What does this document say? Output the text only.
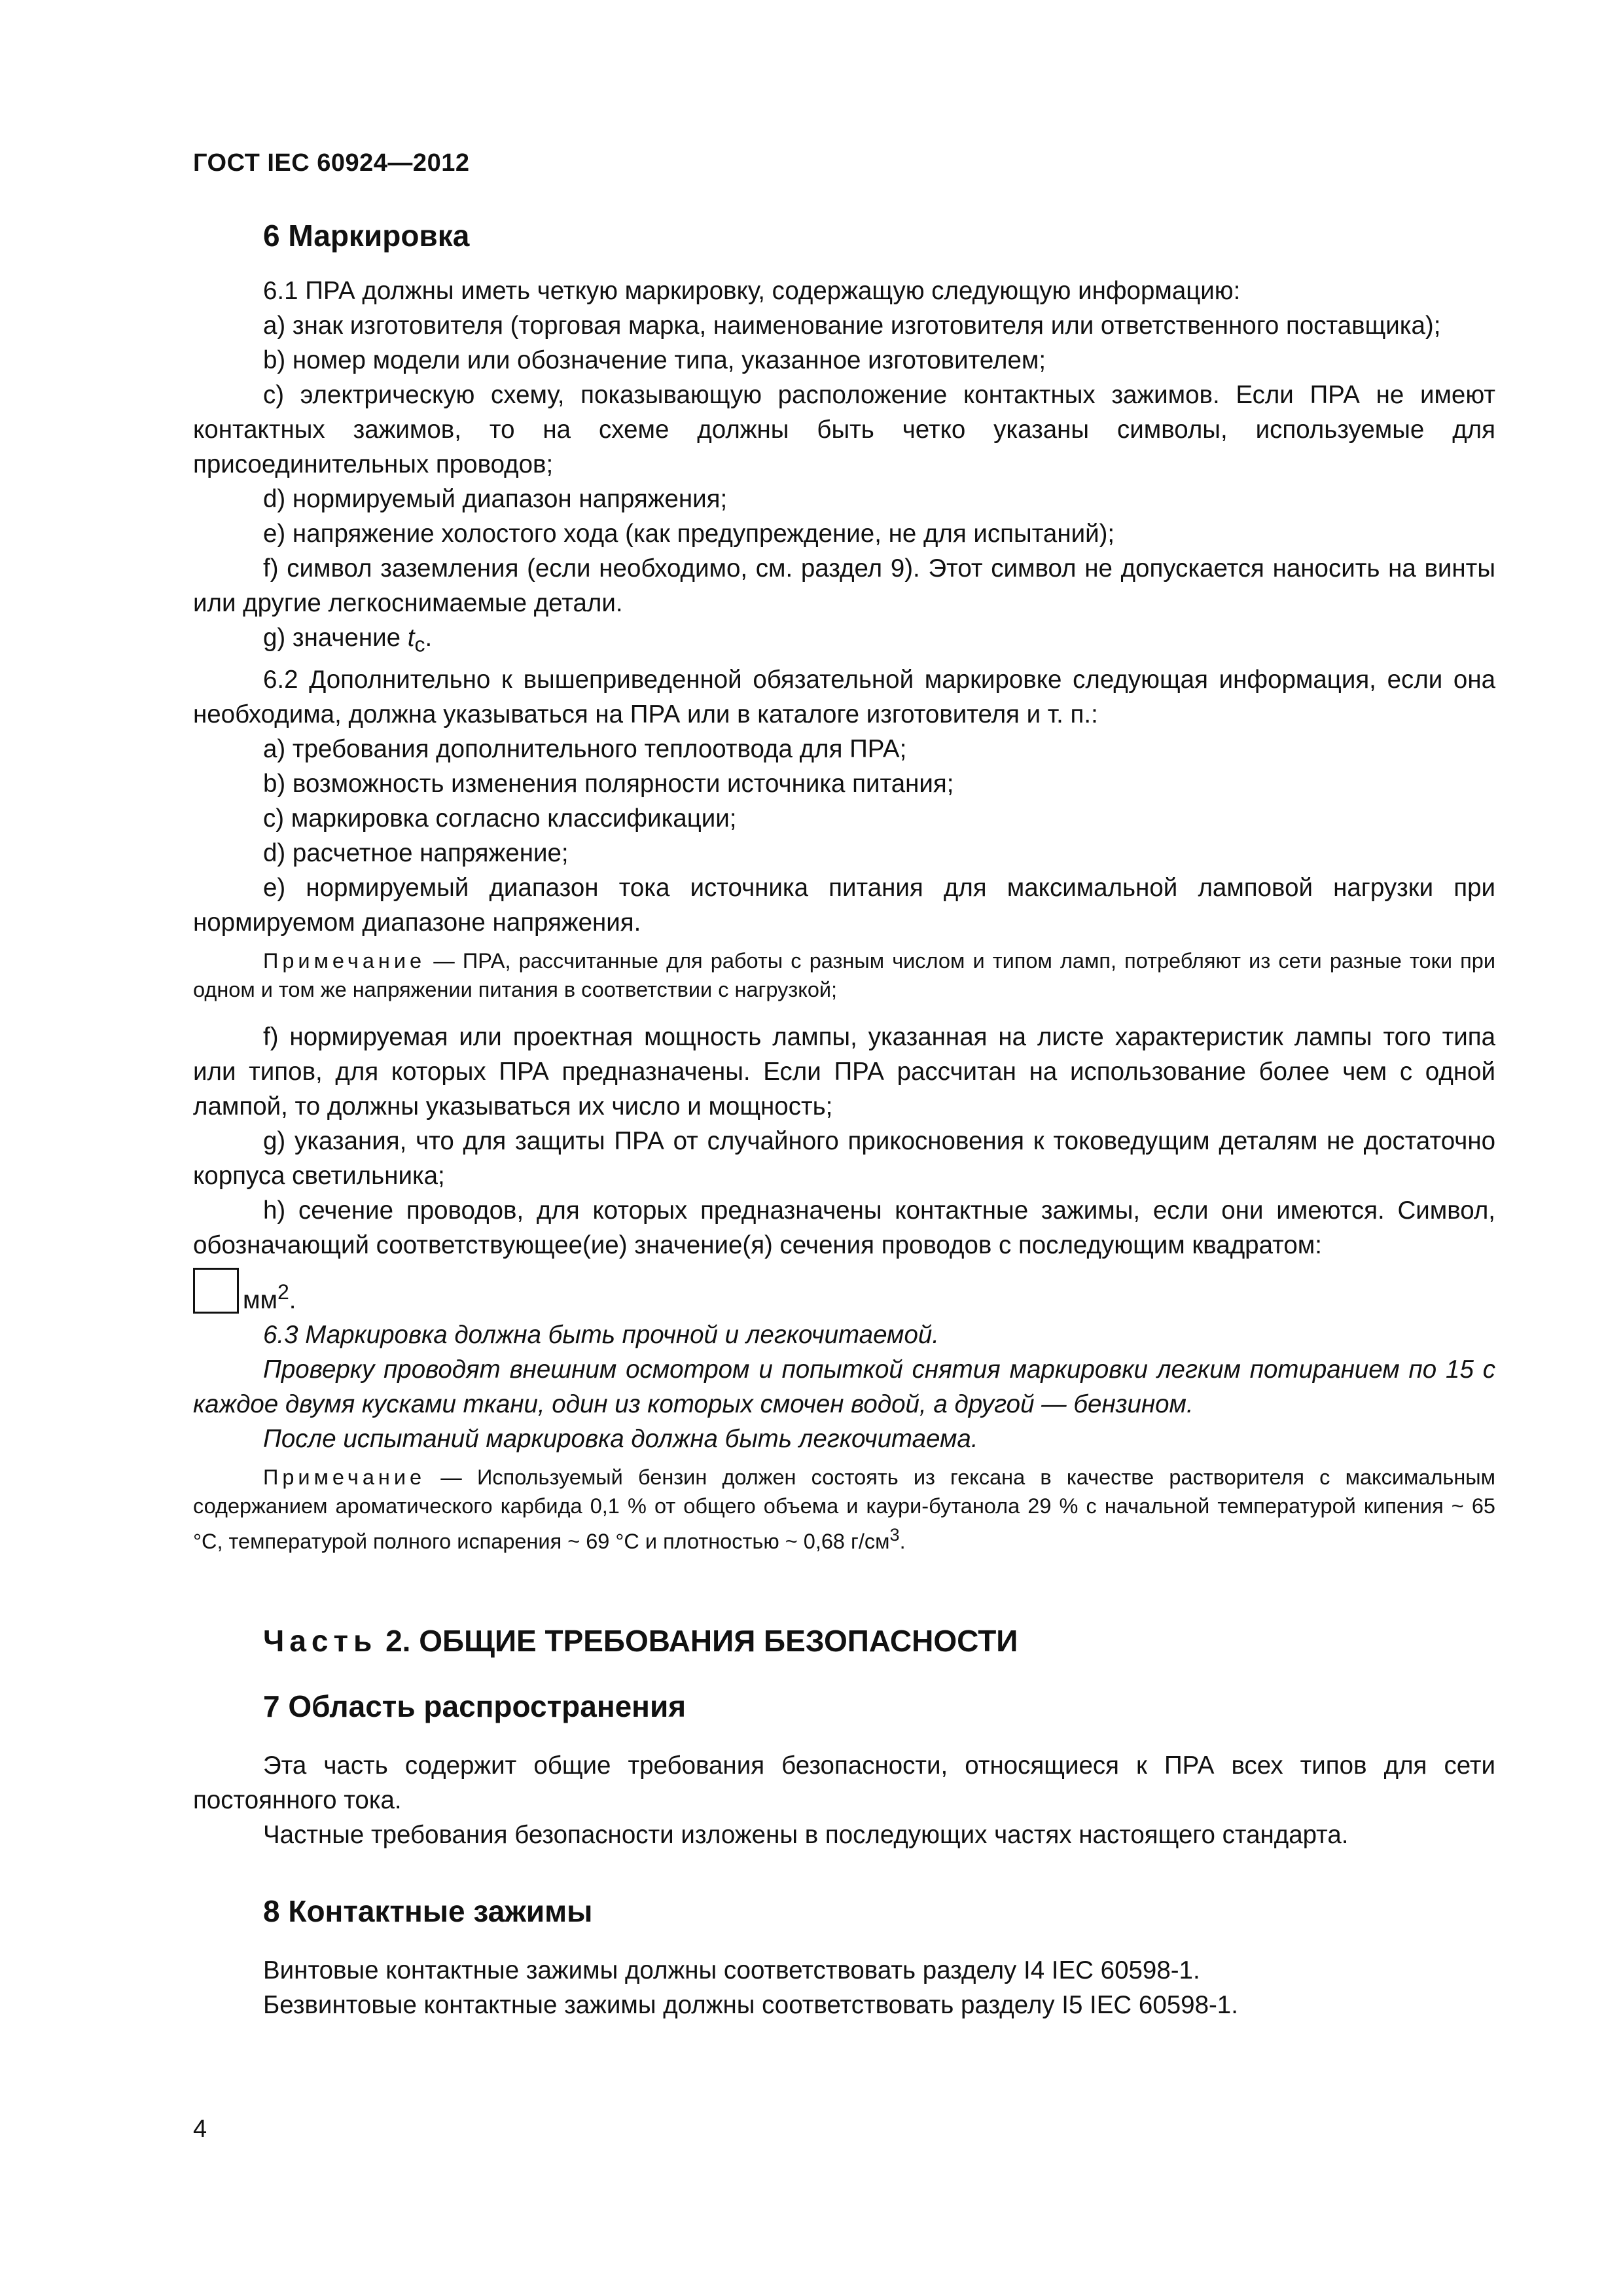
ГОСТ IEC 60924—2012
6 Маркировка

6.1 ПРА должны иметь четкую маркировку, содержащую следующую информацию:

a) знак изготовителя (торговая марка, наименование изготовителя или ответственного поставщика);

b) номер модели или обозначение типа, указанное изготовителем;

c) электрическую схему, показывающую расположение контактных зажимов. Если ПРА не имеют контактных зажимов, то на схеме должны быть четко указаны символы, используемые для присоединительных проводов;

d) нормируемый диапазон напряжения;

e) напряжение холостого хода (как предупреждение, не для испытаний);

f) символ заземления (если необходимо, см. раздел 9). Этот символ не допускается наносить на винты или другие легкоснимаемые детали.

g) значение $t_c$.

6.2 Дополнительно к вышеприведенной обязательной маркировке следующая информация, если она необходима, должна указываться на ПРА или в каталоге изготовителя и т. п.:

a) требования дополнительного теплоотвода для ПРА;

b) возможность изменения полярности источника питания;

c) маркировка согласно классификации;

d) расчетное напряжение;

e) нормируемый диапазон тока источника питания для максимальной ламповой нагрузки при нормируемом диапазоне напряжения.

Примечание — ПРА, рассчитанные для работы с разным числом и типом ламп, потребляют из сети разные токи при одном и том же напряжении питания в соответствии с нагрузкой;

f) нормируемая или проектная мощность лампы, указанная на листе характеристик лампы того типа или типов, для которых ПРА предназначены. Если ПРА рассчитан на использование более чем с одной лампой, то должны указываться их число и мощность;

g) указания, что для защиты ПРА от случайного прикосновения к токоведущим деталям не достаточно корпуса светильника;

h) сечение проводов, для которых предназначены контактные зажимы, если они имеются. Символ, обозначающий соответствующее(ие) значение(я) сечения проводов с последующим квадратом:

$мм^2$.

6.3 Маркировка должна быть прочной и легкочитаемой.

Проверку проводят внешним осмотром и попыткой снятия маркировки легким потиранием по 15 с каждое двумя кусками ткани, один из которых смочен водой, а другой — бензином.

После испытаний маркировка должна быть легкочитаема.

Примечание — Используемый бензин должен состоять из гексана в качестве растворителя с максимальным содержанием ароматического карбида 0,1 % от общего объема и каури-бутанола 29 % с начальной температурой кипения ~ 65 °С, температурой полного испарения ~ 69 °С и плотностью ~ 0,68 $г/см^3$.
Часть 2. ОБЩИЕ ТРЕБОВАНИЯ БЕЗОПАСНОСТИ
7 Область распространения

Эта часть содержит общие требования безопасности, относящиеся к ПРА всех типов для сети постоянного тока.

Частные требования безопасности изложены в последующих частях настоящего стандарта.

8 Контактные зажимы

Винтовые контактные зажимы должны соответствовать разделу I4 IEC 60598-1.

Безвинтовые контактные зажимы должны соответствовать разделу I5 IEC 60598-1.

4
